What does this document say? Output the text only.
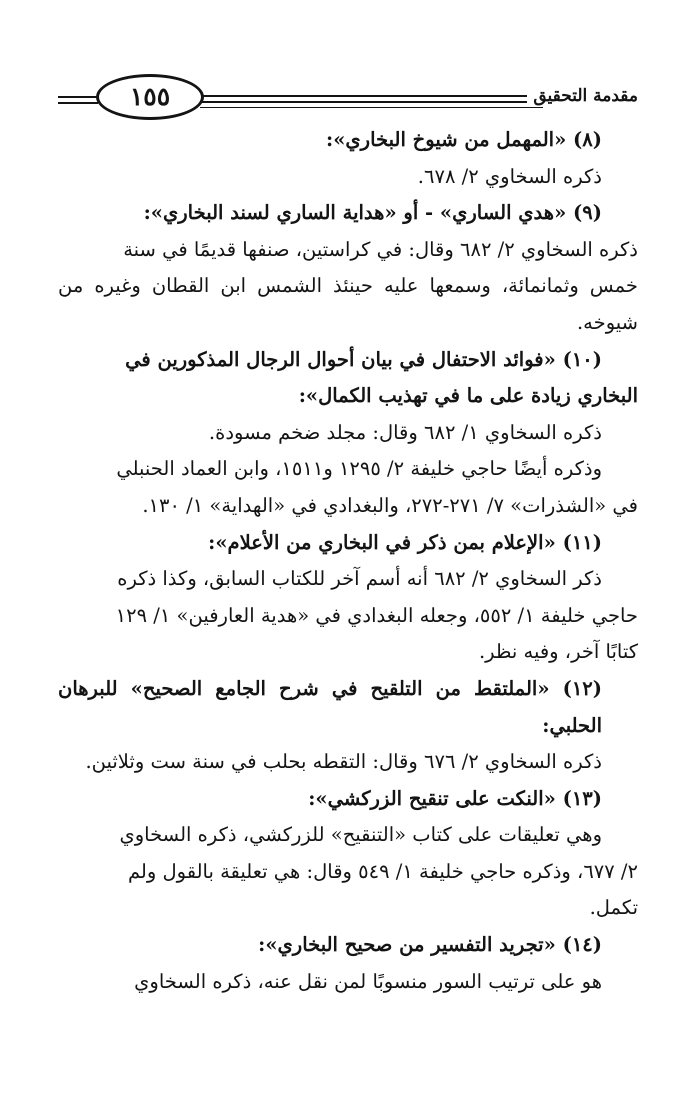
١٥٥	مقدمة التحقيق

(٨) «المهمل من شيوخ البخاري»:

ذكره السخاوي ٢/ ٦٧٨.

(٩) «هدي الساري» - أو «هداية الساري لسند البخاري»:

ذكره السخاوي ٢/ ٦٨٢ وقال: في كراستين، صنفها قديمًا في سنة

خمس وثمانمائة، وسمعها عليه حينئذ الشمس ابن القطان وغيره من شيوخه.

(١٠) «فوائد الاحتفال في بيان أحوال الرجال المذكورين في

البخاري زيادة على ما في تهذيب الكمال»:

ذكره السخاوي ١/ ٦٨٢ وقال: مجلد ضخم مسودة.

وذكره أيضًا حاجي خليفة ٢/ ١٢٩٥ و١٥١١، وابن العماد الحنبلي

في «الشذرات» ٧/ ٢٧١-٢٧٢، والبغدادي في «الهداية» ١/ ١٣٠.

(١١) «الإعلام بمن ذكر في البخاري من الأعلام»:

ذكر السخاوي ٢/ ٦٨٢ أنه أسم آخر للكتاب السابق، وكذا ذكره

حاجي خليفة ١/ ٥٥٢، وجعله البغدادي في «هدية العارفين» ١/ ١٢٩

كتابًا آخر، وفيه نظر.

(١٢) «الملتقط من التلقيح في شرح الجامع الصحيح» للبرهان الحلبي:

ذكره السخاوي ٢/ ٦٧٦ وقال: التقطه بحلب في سنة ست وثلاثين.

(١٣) «النكت على تنقيح الزركشي»:

وهي تعليقات على كتاب «التنقيح» للزركشي، ذكره السخاوي

٢/ ٦٧٧، وذكره حاجي خليفة ١/ ٥٤٩ وقال: هي تعليقة بالقول ولم

تكمل.

(١٤) «تجريد التفسير من صحيح البخاري»:

هو على ترتيب السور منسوبًا لمن نقل عنه، ذكره السخاوي
